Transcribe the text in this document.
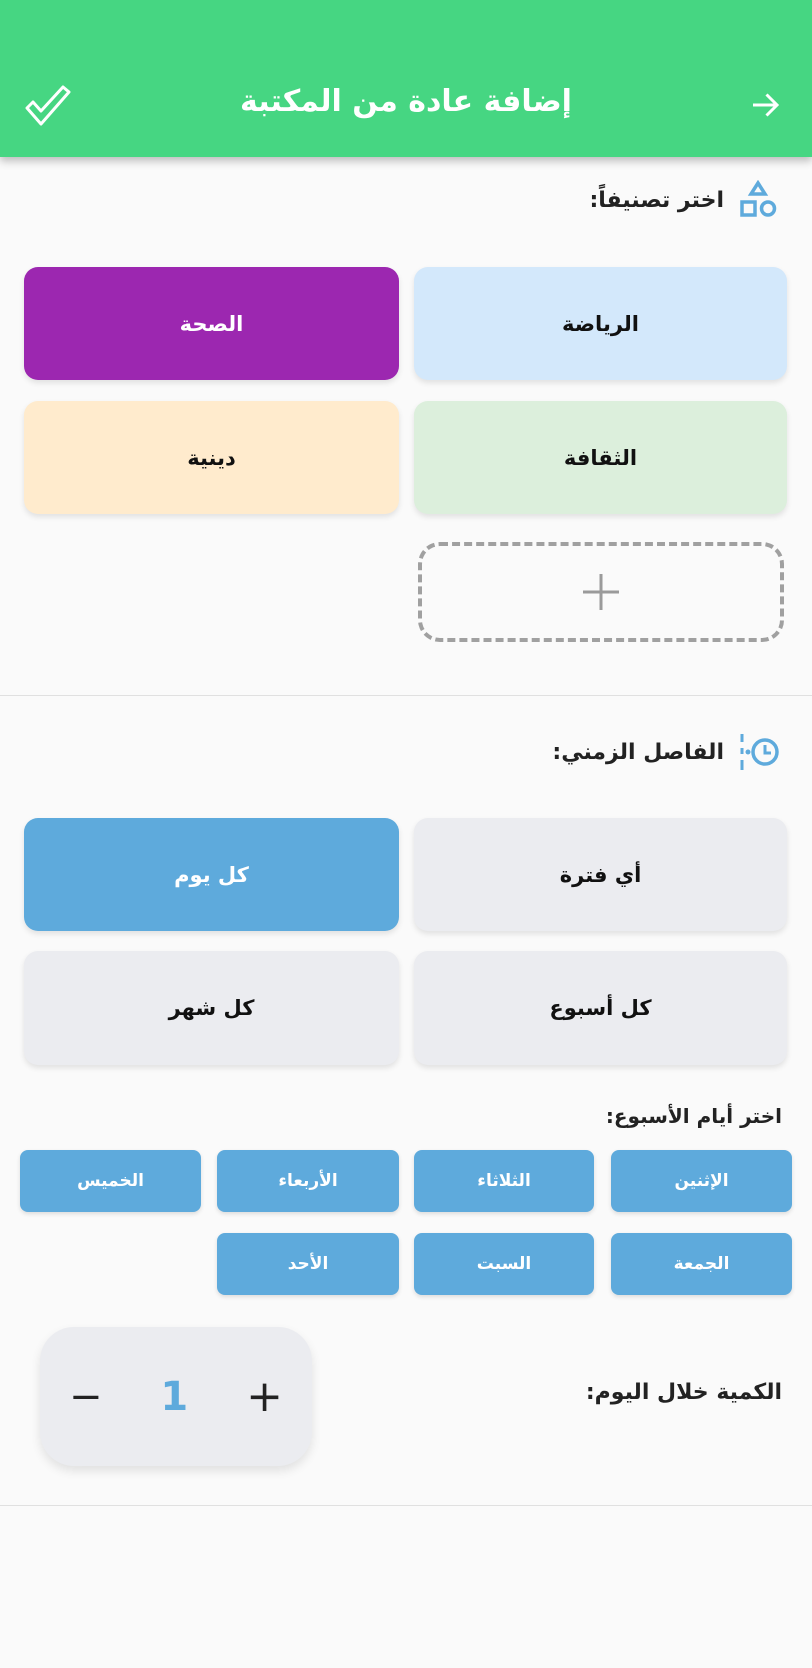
إضافة عادة من المكتبة
اختر تصنيفاً:
الرياضة
الصحة
الثقافة
دينية
الفاصل الزمني:
أي فترة
كل يوم
كل أسبوع
كل شهر
اختر أيام الأسبوع:
الإثنين
الثلاثاء
الأربعاء
الخميس
الجمعة
السبت
الأحد
− 1 +	الكمية خلال اليوم:
